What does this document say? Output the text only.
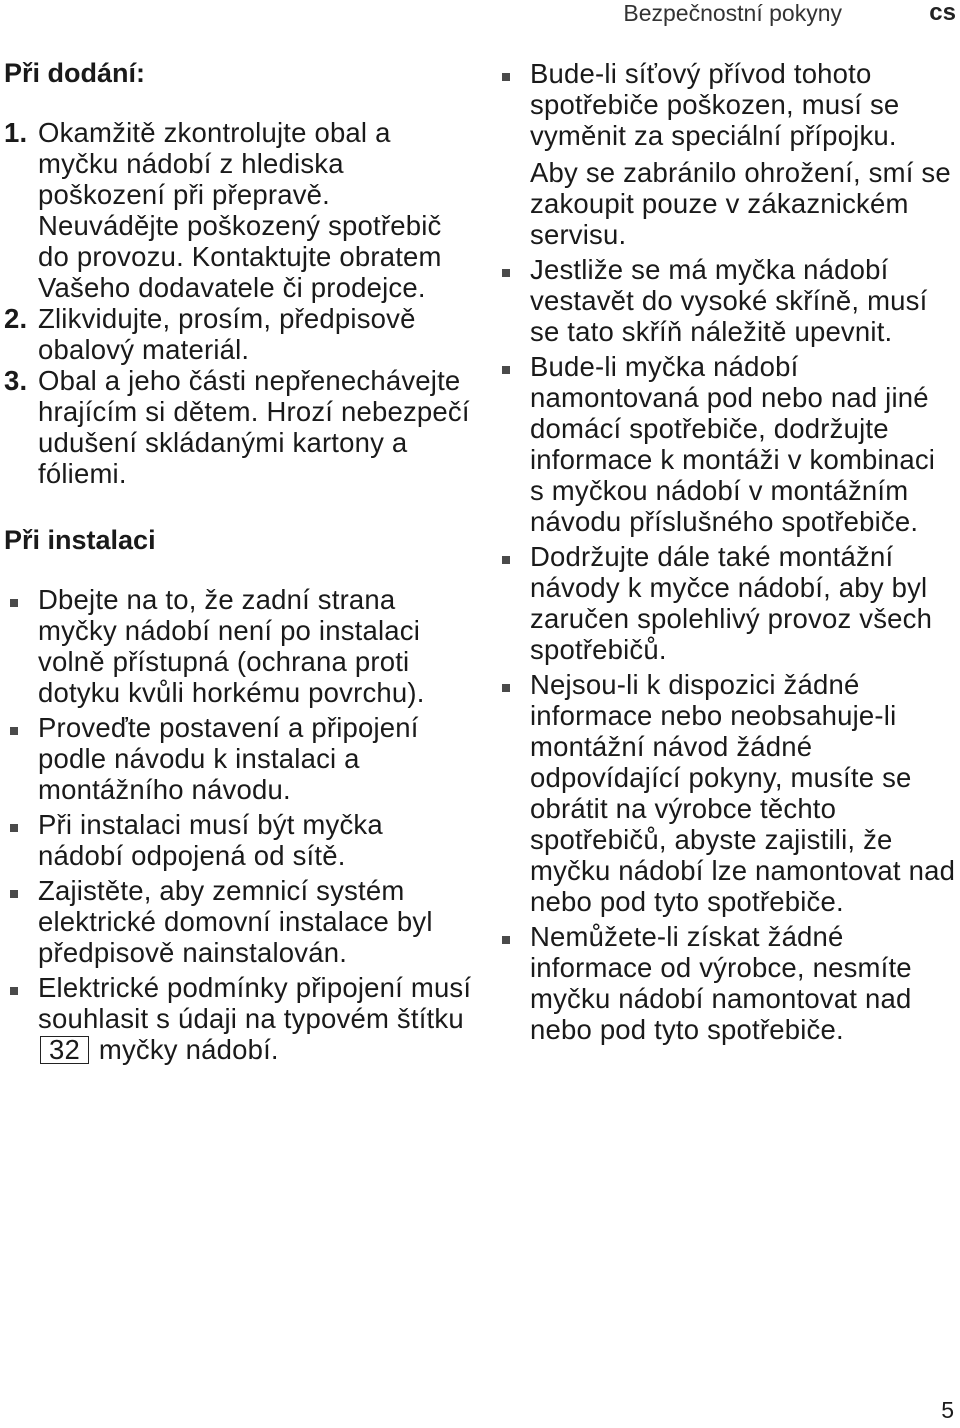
Bezpečnostní pokyny	cs
Při dodání:
1. Okamžitě zkontrolujte obal a myčku nádobí z hlediska poškození při přepravě. Neuvádějte poškozený spotřebič do provozu. Kontaktujte obratem Vašeho dodavatele či prodejce.
2. Zlikvidujte, prosím, předpisově obalový materiál.
3. Obal a jeho části nepřenechávejte hrajícím si dětem. Hrozí nebezpečí udušení skládanými kartony a fóliemi.
Při instalaci
Dbejte na to, že zadní strana myčky nádobí není po instalaci volně přístupná (ochrana proti dotyku kvůli horkému povrchu).
Proveďte postavení a připojení podle návodu k instalaci a montážního návodu.
Při instalaci musí být myčka nádobí odpojená od sítě.
Zajistěte, aby zemnicí systém elektrické domovní instalace byl předpisově nainstalován.
Elektrické podmínky připojení musí souhlasit s údaji na typovém štítku 32 myčky nádobí.
Bude-li síťový přívod tohoto spotřebiče poškozen, musí se vyměnit za speciální přípojku.
Aby se zabránilo ohrožení, smí se zakoupit pouze v zákaznickém servisu.
Jestliže se má myčka nádobí vestavět do vysoké skříně, musí se tato skříň náležitě upevnit.
Bude-li myčka nádobí namontovaná pod nebo nad jiné domácí spotřebiče, dodržujte informace k montáži v kombinaci s myčkou nádobí v montážním návodu příslušného spotřebiče.
Dodržujte dále také montážní návody k myčce nádobí, aby byl zaručen spolehlivý provoz všech spotřebičů.
Nejsou-li k dispozici žádné informace nebo neobsahuje-li montážní návod žádné odpovídající pokyny, musíte se obrátit na výrobce těchto spotřebičů, abyste zajistili, že myčku nádobí lze namontovat nad nebo pod tyto spotřebiče.
Nemůžete-li získat žádné informace od výrobce, nesmíte myčku nádobí namontovat nad nebo pod tyto spotřebiče.
5
